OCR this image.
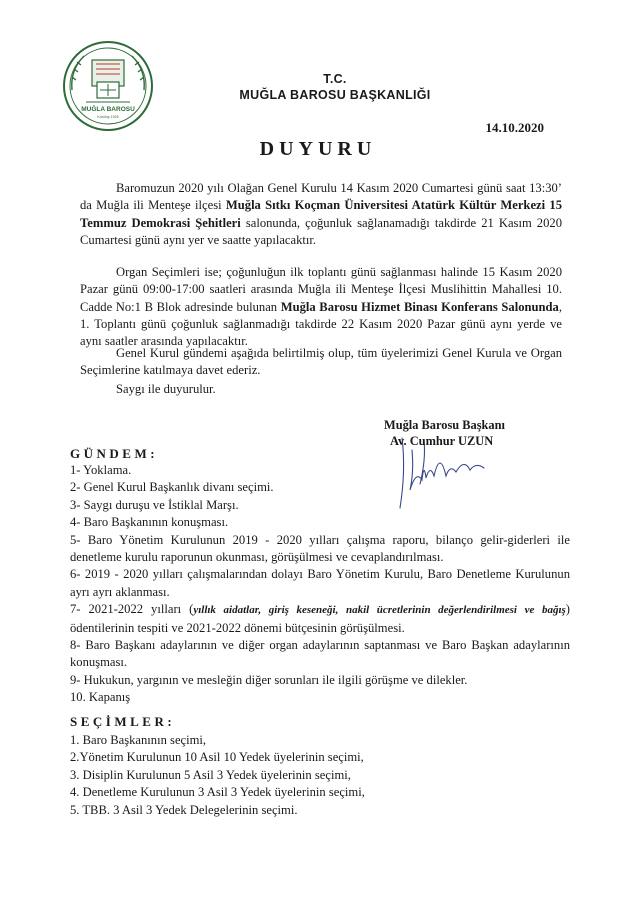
MUĞLA BAROSU
Kuruluş 1925
T.C.
MUĞLA BAROSU BAŞKANLIĞI
14.10.2020
DUYURU

Baromuzun 2020 yılı Olağan Genel Kurulu 14 Kasım 2020 Cumartesi günü saat 13:30’ da Muğla ili Menteşe ilçesi Muğla Sıtkı Koçman Üniversitesi Atatürk Kültür Merkezi 15 Temmuz Demokrasi Şehitleri salonunda, çoğunluk sağlanamadığı takdirde 21 Kasım 2020 Cumartesi günü aynı yer ve saatte yapılacaktır.

Organ Seçimleri ise; çoğunluğun ilk toplantı günü sağlanması halinde 15 Kasım 2020 Pazar günü 09:00-17:00 saatleri arasında Muğla ili Menteşe İlçesi Muslihittin Mahallesi 10. Cadde No:1 B Blok adresinde bulunan Muğla Barosu Hizmet Binası Konferans Salonunda, 1. Toplantı günü çoğunluk sağlanmadığı takdirde 22 Kasım 2020 Pazar günü aynı yerde ve aynı saatler arasında yapılacaktır.

Genel Kurul gündemi aşağıda belirtilmiş olup, tüm üyelerimizi Genel Kurula ve Organ Seçimlerine katılmaya davet ederiz.

Saygı ile duyurulur.

Muğla Barosu Başkanı
Av. Cumhur UZUN
GÜNDEM:
1- Yoklama.
2- Genel Kurul Başkanlık divanı seçimi.
3- Saygı duruşu ve İstiklal Marşı.
4- Baro Başkanının konuşması.
5- Baro Yönetim Kurulunun 2019 - 2020 yılları çalışma raporu, bilanço gelir-giderleri ile denetleme kurulu raporunun okunması, görüşülmesi ve cevaplandırılması.
6- 2019 - 2020 yılları çalışmalarından dolayı Baro Yönetim Kurulu, Baro Denetleme Kurulunun ayrı ayrı aklanması.
7- 2021-2022 yılları (yıllık aidatlar, giriş keseneği, nakil ücretlerinin değerlendirilmesi ve bağış) ödentilerinin tespiti ve 2021-2022 dönemi bütçesinin görüşülmesi.
8- Baro Başkanı adaylarının ve diğer organ adaylarının saptanması ve Baro Başkan adaylarının konuşması.
9- Hukukun, yargının ve mesleğin diğer sorunları ile ilgili görüşme ve dilekler.
10. Kapanış
SEÇİMLER:
1. Baro Başkanının seçimi,
2.Yönetim Kurulunun 10 Asil 10 Yedek üyelerinin seçimi,
3. Disiplin Kurulunun 5 Asil 3 Yedek üyelerinin seçimi,
4. Denetleme Kurulunun 3 Asil 3 Yedek üyelerinin seçimi,
5. TBB. 3 Asil 3 Yedek Delegelerinin seçimi.
